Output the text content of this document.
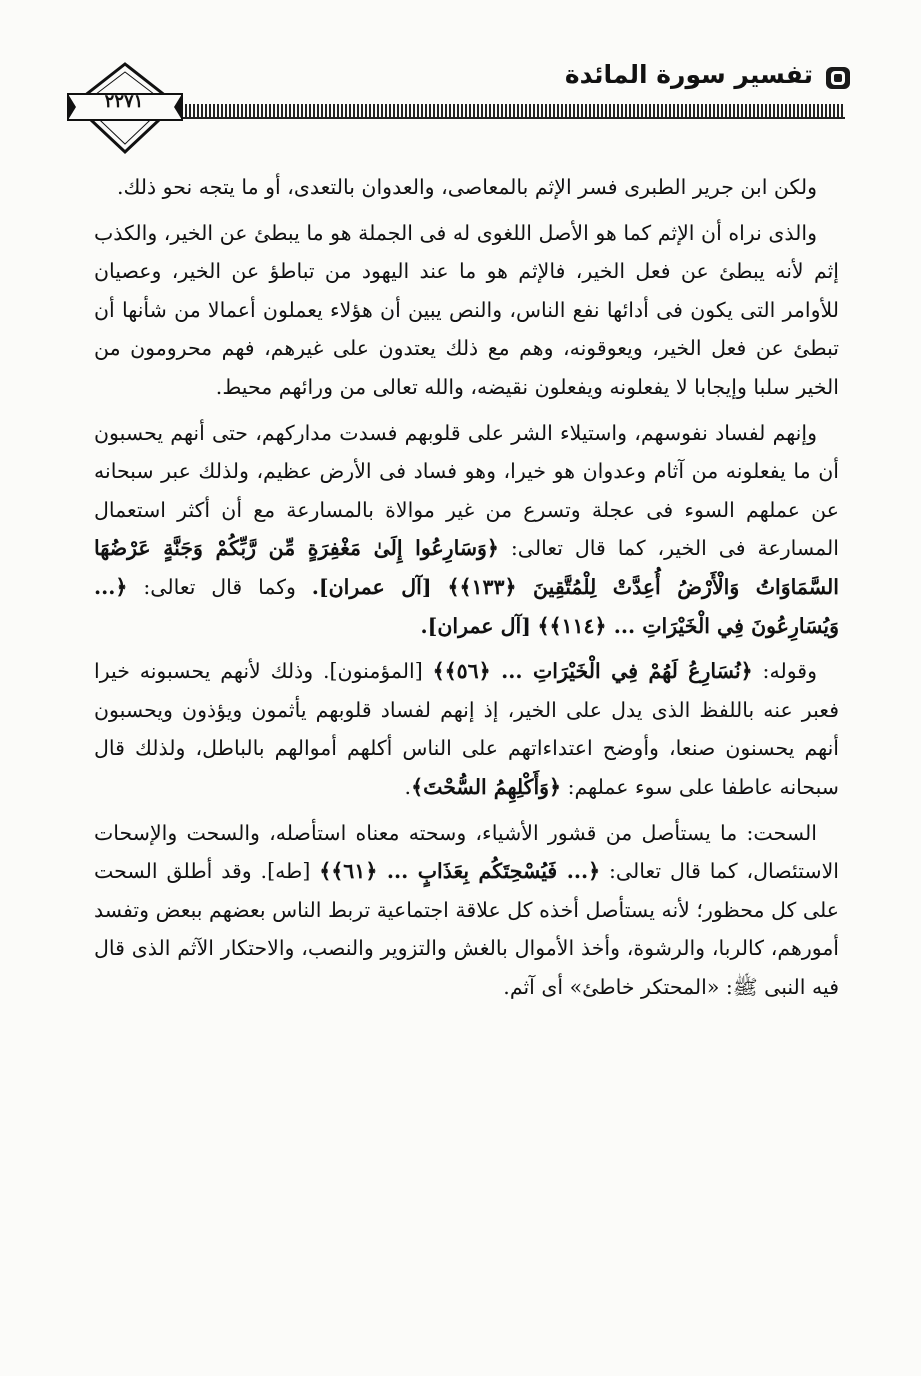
تفسير سورة المائدة
٢٢٧١

ولكن ابن جرير الطبرى فسر الإثم بالمعاصى، والعدوان بالتعدى، أو ما يتجه نحو ذلك.

والذى نراه أن الإثم كما هو الأصل اللغوى له فى الجملة هو ما يبطئ عن الخير، والكذب إثم لأنه يبطئ عن فعل الخير، فالإثم هو ما عند اليهود من تباطؤ عن الخير، وعصيان للأوامر التى يكون فى أدائها نفع الناس، والنص يبين أن هؤلاء يعملون أعمالا من شأنها أن تبطئ عن فعل الخير، ويعوقونه، وهم مع ذلك يعتدون على غيرهم، فهم محرومون من الخير سلبا وإيجابا لا يفعلونه ويفعلون نقيضه، والله تعالى من ورائهم محيط.

وإنهم لفساد نفوسهم، واستيلاء الشر على قلوبهم فسدت مداركهم، حتى أنهم يحسبون أن ما يفعلونه من آثام وعدوان هو خيرا، وهو فساد فى الأرض عظيم، ولذلك عبر سبحانه عن عملهم السوء فى عجلة وتسرع من غير موالاة بالمسارعة مع أن أكثر استعمال المسارعة فى الخير، كما قال تعالى: ﴿وَسَارِعُوا إِلَىٰ مَغْفِرَةٍ مِّن رَّبِّكُمْ وَجَنَّةٍ عَرْضُهَا السَّمَاوَاتُ وَالْأَرْضُ أُعِدَّتْ لِلْمُتَّقِينَ ﴿١٣٣﴾﴾ [آل عمران]. وكما قال تعالى: ﴿... وَيُسَارِعُونَ فِي الْخَيْرَاتِ ... ﴿١١٤﴾﴾ [آل عمران].

وقوله: ﴿نُسَارِعُ لَهُمْ فِي الْخَيْرَاتِ ... ﴿٥٦﴾﴾ [المؤمنون]. وذلك لأنهم يحسبونه خيرا فعبر عنه باللفظ الذى يدل على الخير، إذ إنهم لفساد قلوبهم يأثمون ويؤذون ويحسبون أنهم يحسنون صنعا، وأوضح اعتداءاتهم على الناس أكلهم أموالهم بالباطل، ولذلك قال سبحانه عاطفا على سوء عملهم: ﴿وَأَكْلِهِمُ السُّحْتَ﴾.

السحت: ما يستأصل من قشور الأشياء، وسحته معناه استأصله، والسحت والإسحات الاستئصال، كما قال تعالى: ﴿... فَيُسْحِتَكُم بِعَذَابٍ ... ﴿٦١﴾﴾ [طه]. وقد أطلق السحت على كل محظور؛ لأنه يستأصل أخذه كل علاقة اجتماعية تربط الناس بعضهم ببعض وتفسد أمورهم، كالربا، والرشوة، وأخذ الأموال بالغش والتزوير والنصب، والاحتكار الآثم الذى قال فيه النبى ﷺ: «المحتكر خاطئ» أى آثم.
